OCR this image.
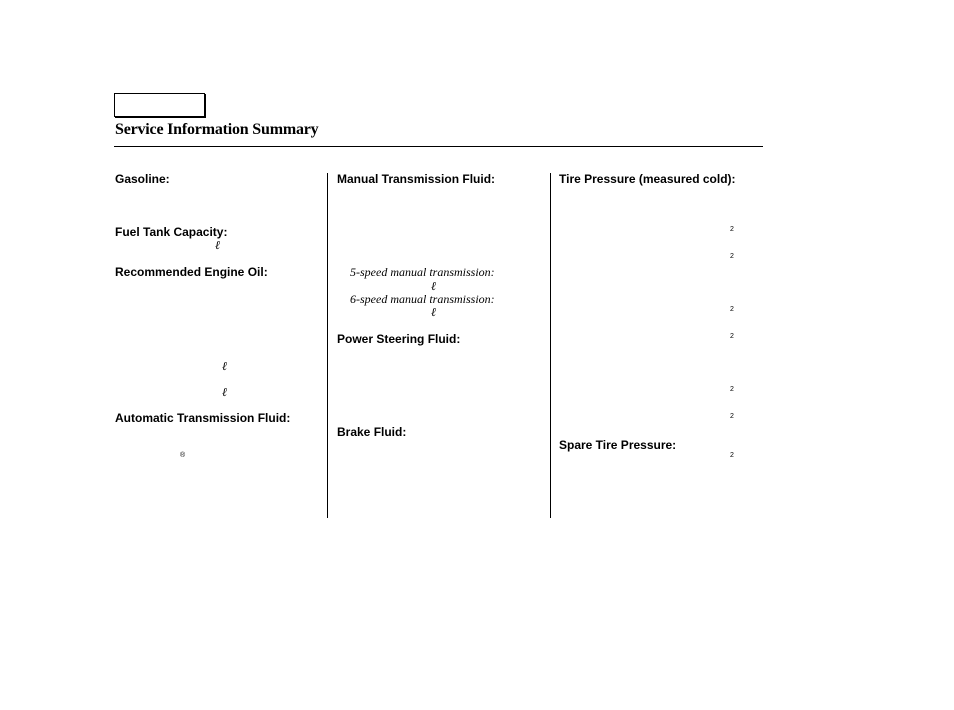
Service Information Summary
Gasoline:
Fuel Tank Capacity:
ℓ
Recommended Engine Oil:
ℓ
ℓ
Automatic Transmission Fluid:
®
Manual Transmission Fluid:
5-speed manual transmission:
ℓ
6-speed manual transmission:
ℓ
Power Steering Fluid:
Brake Fluid:
Tire Pressure (measured cold):
2
2
2
2
2
2
Spare Tire Pressure:
2
